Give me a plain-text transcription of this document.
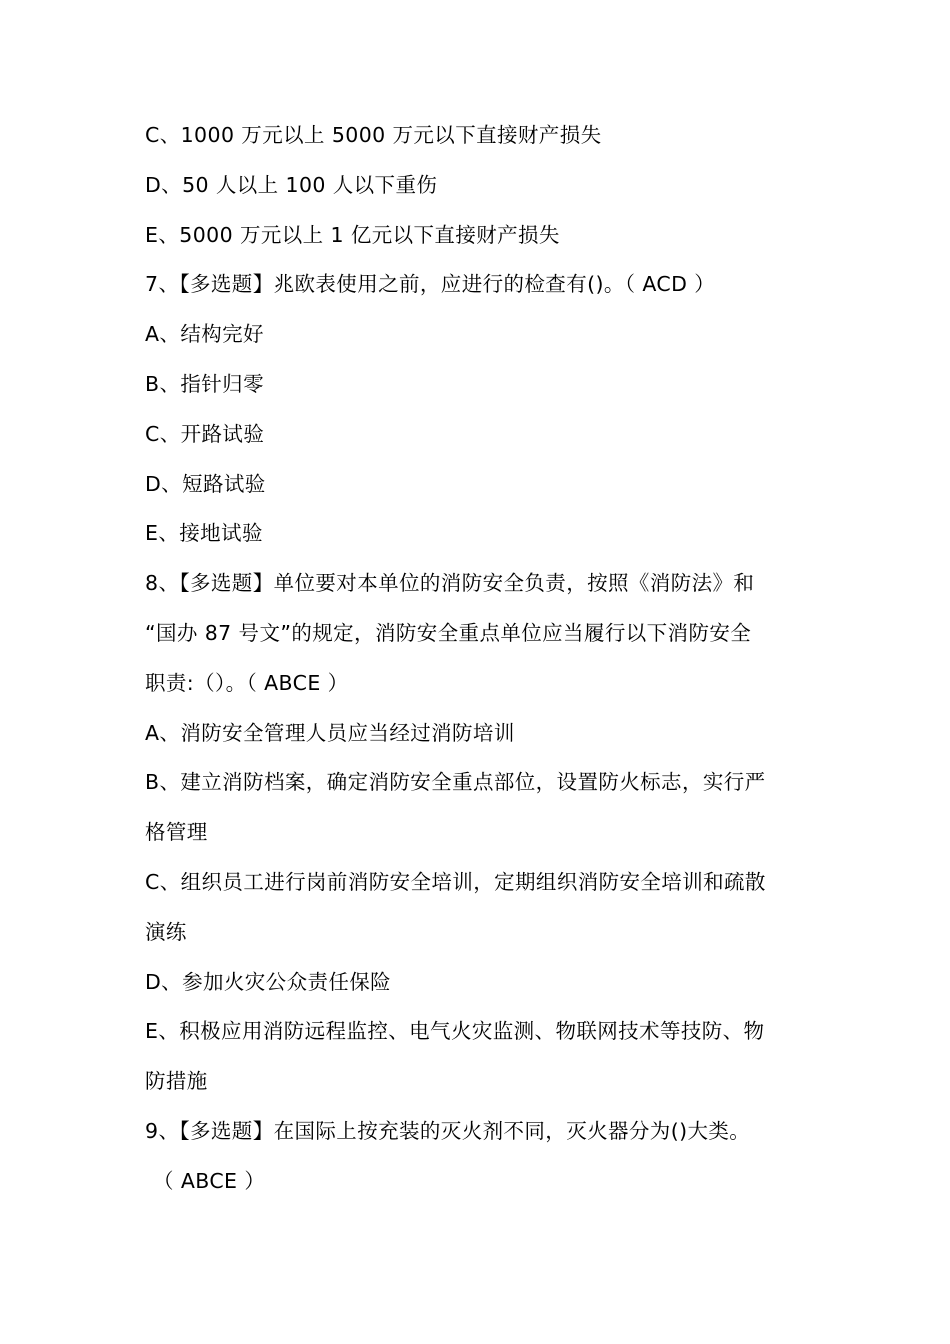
C、1000 万元以上 5000 万元以下直接财产损失
D、50 人以上 100 人以下重伤
E、5000 万元以上 1 亿元以下直接财产损失
7、【多选题】兆欧表使用之前，应进行的检查有()。（ ACD ）
A、结构完好
B、指针归零
C、开路试验
D、短路试验
E、接地试验
8、【多选题】单位要对本单位的消防安全负责，按照《消防法》和
“国办 87 号文”的规定，消防安全重点单位应当履行以下消防安全
职责:（）。（ ABCE ）
A、消防安全管理人员应当经过消防培训
B、建立消防档案，确定消防安全重点部位，设置防火标志，实行严
格管理
C、组织员工进行岗前消防安全培训，定期组织消防安全培训和疏散
演练
D、参加火灾公众责任保险
E、积极应用消防远程监控、电气火灾监测、物联网技术等技防、物
防措施
9、【多选题】在国际上按充装的灭火剂不同，灭火器分为()大类。
（ ABCE ）
